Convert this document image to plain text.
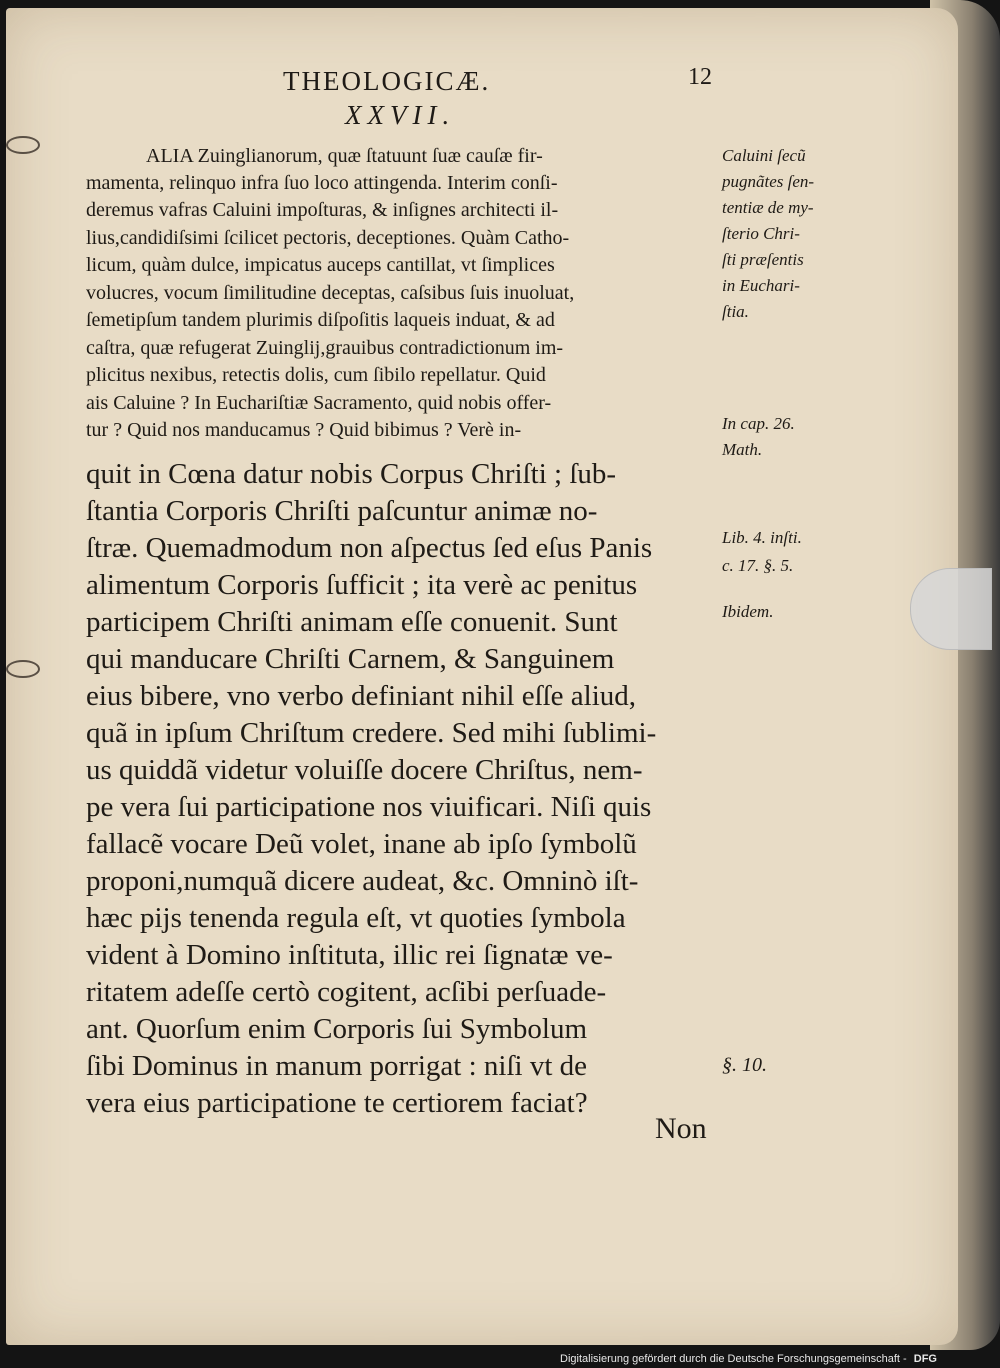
THEOLOGICÆ.	12
XXVII.
ALIA Zuinglianorum, quæ ſtatuunt ſuæ cauſæ fir-
mamenta, relinquo infra ſuo loco attingenda. Interim conſi-
deremus vafras Caluini impoſturas, & inſignes architecti il-
lius,candidiſsimi ſcilicet pectoris, deceptiones. Quàm Catho-
licum, quàm dulce, impicatus auceps cantillat, vt ſimplices
volucres, vocum ſimilitudine deceptas, caſsibus ſuis inuoluat,
ſemetipſum tandem plurimis diſpoſitis laqueis induat, & ad
caſtra, quæ refugerat Zuinglij,grauibus contradictionum im-
plicitus nexibus, retectis dolis, cum ſibilo repellatur. Quid
ais Caluine ? In Euchariſtiæ Sacramento, quid nobis offer-
tur ? Quid nos manducamus ? Quid bibimus ? Verè in-
quit in Cœna datur nobis Corpus Chriſti ; ſub-
ſtantia Corporis Chriſti paſcuntur animæ no-
ſtræ. Quemadmodum non aſpectus ſed eſus Panis
alimentum Corporis ſufficit ; ita verè ac penitus
participem Chriſti animam eſſe conuenit. Sunt
qui manducare Chriſti Carnem, & Sanguinem
eius bibere, vno verbo definiant nihil eſſe aliud,
quã in ipſum Chriſtum credere. Sed mihi ſublimi-
us quiddã videtur voluiſſe docere Chriſtus, nem-
pe vera ſui participatione nos viuificari. Niſi quis
fallacẽ vocare Deũ volet, inane ab ipſo ſymbolũ
proponi,numquã dicere audeat, &c. Omninò iſt-
hæc pijs tenenda regula eſt, vt quoties ſymbola
vident à Domino inſtituta, illic rei ſignatæ ve-
ritatem adeſſe certò cogitent, acſibi perſuade-
ant. Quorſum enim Corporis ſui Symbolum
ſibi Dominus in manum porrigat : niſi vt de
vera eius participatione te certiorem faciat?
Non
Caluini ſecũ
pugnãtes ſen-
tentiæ de my-
ſterio Chri-
ſti præſentis
in Euchari-
ſtia.
In cap. 26.
Math.
Lib. 4. inſti.
c. 17. §. 5.
Ibidem.
§. 10.
Digitalisierung gefördert durch die Deutsche Forschungsgemeinschaft - DFG
